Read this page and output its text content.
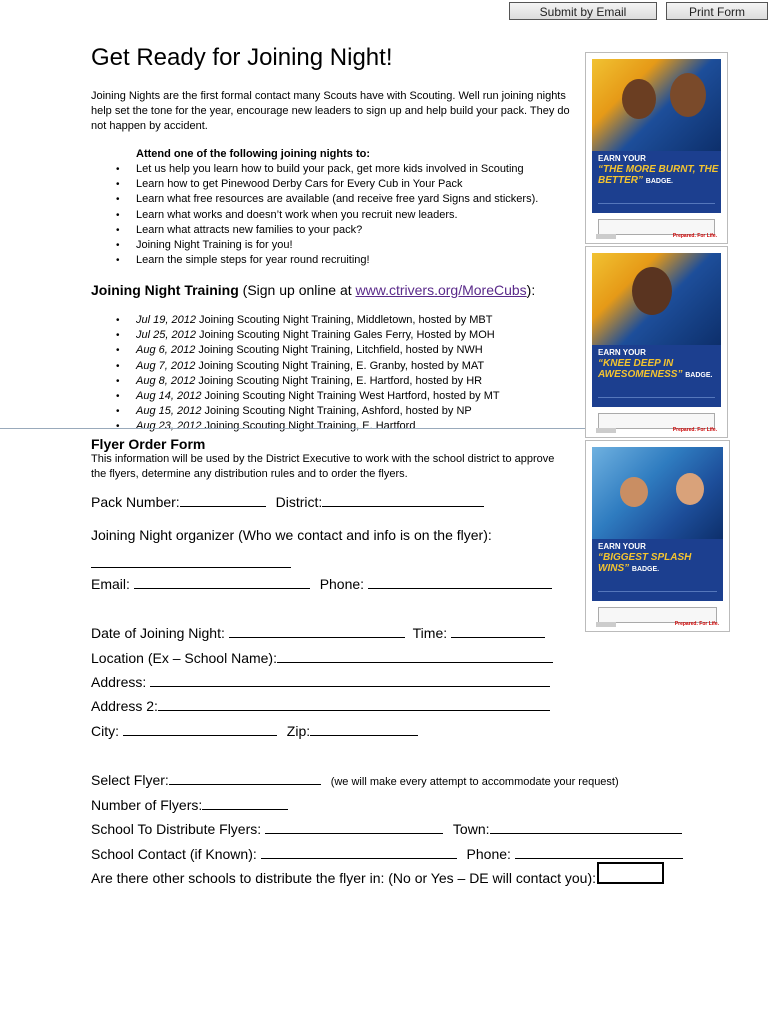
Submit by Email	Print Form
Get Ready for Joining Night!
Joining Nights are the first formal contact many Scouts have with Scouting. Well run joining nights help set the tone for the year, encourage new leaders to sign up and help build your pack. They do not happen by accident.
Attend one of the following joining nights to:
• Let us help you learn how to build your pack, get more kids involved in Scouting
• Learn how to get Pinewood Derby Cars for Every Cub in Your Pack
• Learn what free resources are available (and receive free yard Signs and stickers).
• Learn what works and doesn’t work when you recruit new leaders.
• Learn what attracts new families to your pack?
• Joining Night Training is for you!
• Learn the simple steps for year round recruiting!
Joining Night Training (Sign up online at www.ctrivers.org/MoreCubs):
• Jul 19, 2012 Joining Scouting Night Training, Middletown, hosted by MBT
• Jul 25, 2012 Joining Scouting Night Training Gales Ferry, Hosted by MOH
• Aug 6, 2012 Joining Scouting Night Training, Litchfield, hosted by NWH
• Aug 7, 2012 Joining Scouting Night Training, E. Granby, hosted by MAT
• Aug 8, 2012 Joining Scouting Night Training, E. Hartford, hosted by HR
• Aug 14, 2012 Joining Scouting Night Training West Hartford, hosted by MT
• Aug 15, 2012 Joining Scouting Night Training, Ashford, hosted by NP
• Aug 23, 2012 Joining Scouting Night Training, E. Hartford
Flyer Order Form
This information will be used by the District Executive to work with the school district to approve the flyers, determine any distribution rules and to order the flyers.
Pack Number:	District:
Joining Night organizer (Who we contact and info is on the flyer):
Email:	Phone:
Date of Joining Night:	Time:
Location (Ex – School Name):
Address:
Address 2:
City:	Zip:
Select Flyer:	(we will make every attempt to accommodate your request)
Number of Flyers:
School To Distribute Flyers:	Town:
School Contact (if Known):	Phone:
Are there other schools to distribute the flyer in: (No or Yes – DE will contact you):
EARN YOUR
“THE MORE BURNT, THE BETTER” BADGE.
Prepared. For Life.
EARN YOUR
“KNEE DEEP IN AWESOMENESS” BADGE.
Prepared. For Life.
EARN YOUR
“BIGGEST SPLASH WINS” BADGE.
Prepared. For Life.
